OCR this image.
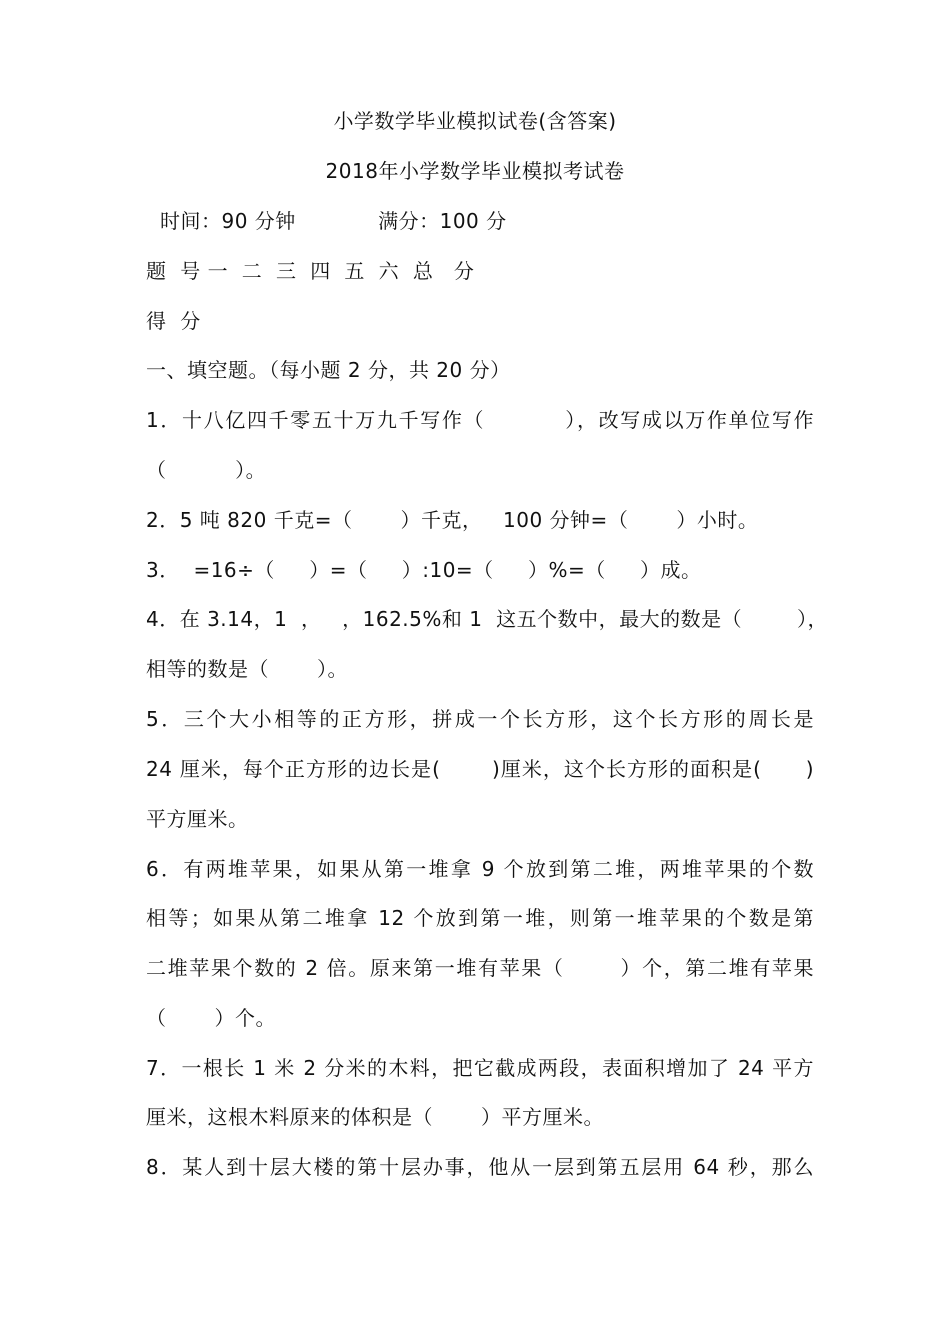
小学数学毕业模拟试卷(含答案)
2018年小学数学毕业模拟考试卷
时间：90 分钟            满分：100 分
题  号 一  二  三  四  五  六  总   分
得  分
一、填空题。（每小题 2 分，共 20 分）
1．十八亿四千零五十万九千写作（          ），改写成以万作单位写作
（          ）。
2．5 吨 820 千克=（       ）千克，   100 分钟=（       ）小时。
3．  =16÷（     ）=（     ）:10=（     ）%=（     ）成。
4．在 3.14，1  ，   ，162.5%和 1  这五个数中，最大的数是（        ），
相等的数是（       ）。
5．三个大小相等的正方形，拼成一个长方形，这个长方形的周长是
24 厘米，每个正方形的边长是(       )厘米，这个长方形的面积是(      )
平方厘米。
6．有两堆苹果，如果从第一堆拿 9 个放到第二堆，两堆苹果的个数
相等；如果从第二堆拿 12 个放到第一堆，则第一堆苹果的个数是第
二堆苹果个数的 2 倍。原来第一堆有苹果（       ）个，第二堆有苹果
（       ）个。
7．一根长 1 米 2 分米的木料，把它截成两段，表面积增加了 24 平方
厘米，这根木料原来的体积是（       ）平方厘米。
8．某人到十层大楼的第十层办事，他从一层到第五层用 64 秒，那么
